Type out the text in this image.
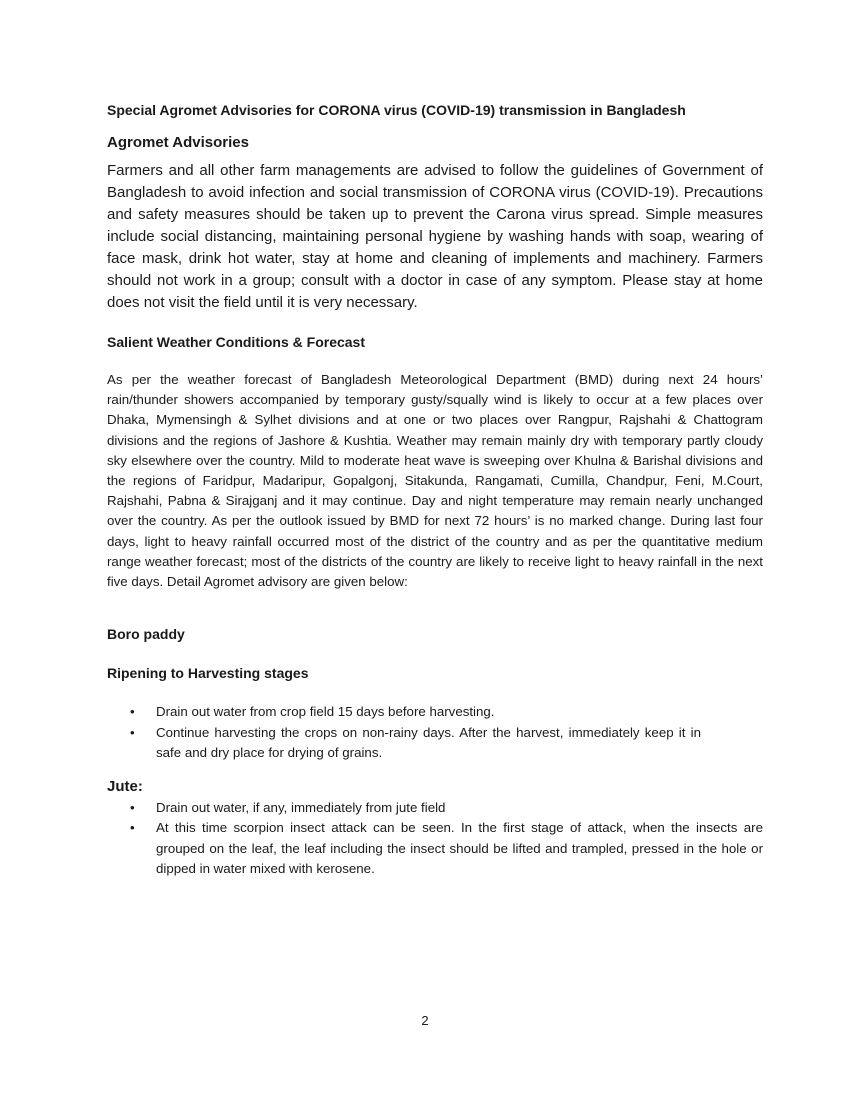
Special Agromet Advisories for CORONA virus (COVID-19) transmission in Bangladesh

Agromet Advisories

Farmers and all other farm managements are advised to follow the guidelines of Government of Bangladesh to avoid infection and social transmission of CORONA virus (COVID-19). Precautions and safety measures should be taken up to prevent the Carona virus spread. Simple measures include social distancing, maintaining personal hygiene by washing hands with soap, wearing of face mask, drink hot water, stay at home and cleaning of implements and machinery. Farmers should not work in a group; consult with a doctor in case of any symptom. Please stay at home does not visit the field until it is very necessary.

Salient Weather Conditions & Forecast

As per the weather forecast of Bangladesh Meteorological Department (BMD) during next 24 hours’ rain/thunder showers accompanied by temporary gusty/squally wind is likely to occur at a few places over Dhaka, Mymensingh & Sylhet divisions and at one or two places over Rangpur, Rajshahi & Chattogram divisions and the regions of Jashore & Kushtia. Weather may remain mainly dry with temporary partly cloudy sky elsewhere over the country. Mild to moderate heat wave is sweeping over Khulna & Barishal divisions and the regions of Faridpur, Madaripur, Gopalgonj, Sitakunda, Rangamati, Cumilla, Chandpur, Feni, M.Court, Rajshahi, Pabna & Sirajganj and it may continue. Day and night temperature may remain nearly unchanged over the country. As per the outlook issued by BMD for next 72 hours’ is no marked change. During last four days, light to heavy rainfall occurred most of the district of the country and as per the quantitative medium range weather forecast; most of the districts of the country are likely to receive light to heavy rainfall in the next five days. Detail Agromet advisory are given below:

Boro paddy

Ripening to Harvesting stages

• Drain out water from crop field 15 days before harvesting.
• Continue harvesting the crops on non-rainy days. After the harvest, immediately keep it in safe and dry place for drying of grains.

Jute:

• Drain out water, if any, immediately from jute field
• At this time scorpion insect attack can be seen. In the first stage of attack, when the insects are grouped on the leaf, the leaf including the insect should be lifted and trampled, pressed in the hole or dipped in water mixed with kerosene.
2
